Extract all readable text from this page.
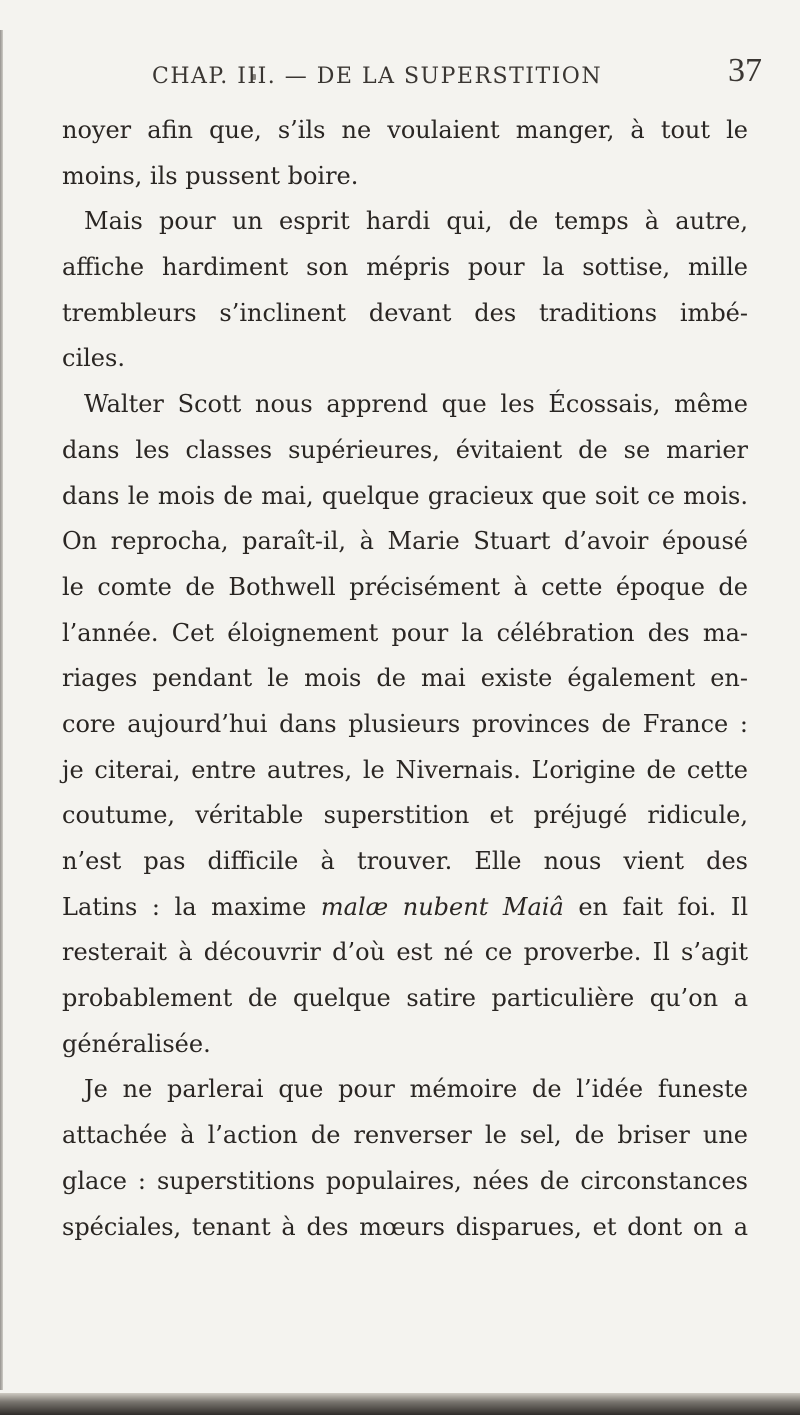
CHAP. III. — DE LA SUPERSTITION	37
noyer afin que, s’ils ne voulaient manger, à tout le
moins, ils pussent boire.
Mais pour un esprit hardi qui, de temps à autre,
affiche hardiment son mépris pour la sottise, mille
trembleurs s’inclinent devant des traditions imbé-
ciles.
Walter Scott nous apprend que les Écossais, même
dans les classes supérieures, évitaient de se marier
dans le mois de mai, quelque gracieux que soit ce mois.
On reprocha, paraît-il, à Marie Stuart d’avoir épousé
le comte de Bothwell précisément à cette époque de
l’année. Cet éloignement pour la célébration des ma-
riages pendant le mois de mai existe également en-
core aujourd’hui dans plusieurs provinces de France :
je citerai, entre autres, le Nivernais. L’origine de cette
coutume, véritable superstition et préjugé ridicule,
n’est pas difficile à trouver. Elle nous vient des
Latins : la maxime malæ nubent Maiâ en fait foi. Il
resterait à découvrir d’où est né ce proverbe. Il s’agit
probablement de quelque satire particulière qu’on a
généralisée.
Je ne parlerai que pour mémoire de l’idée funeste
attachée à l’action de renverser le sel, de briser une
glace : superstitions populaires, nées de circonstances
spéciales, tenant à des mœurs disparues, et dont on a
